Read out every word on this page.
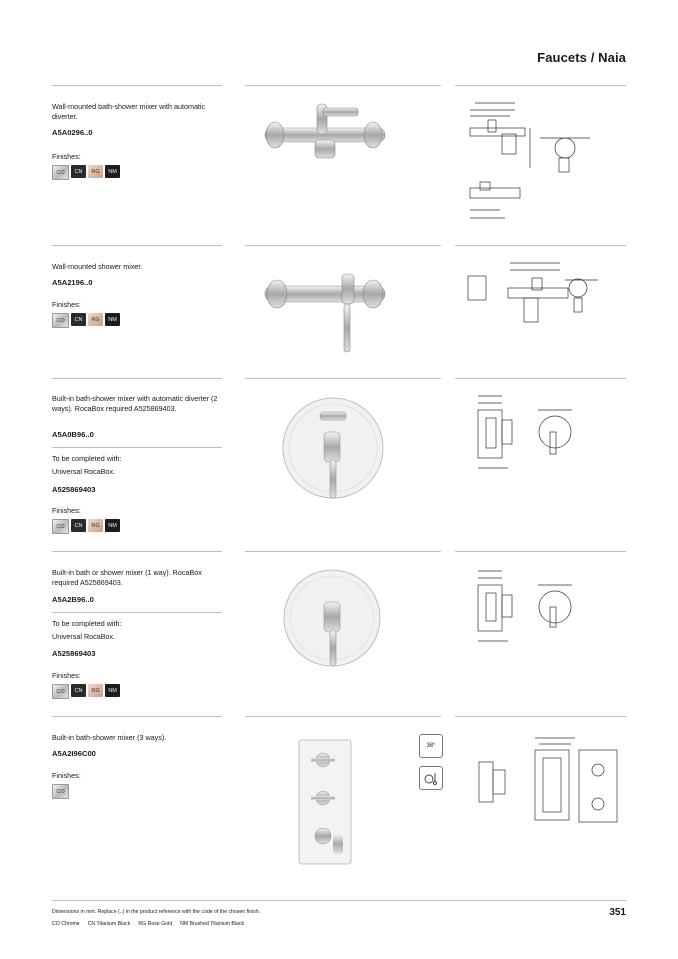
Faucets / Naia
Wall-mounted bath-shower mixer with automatic diverter.
A5A0296..0
Finishes:
CO	CN	RG	NM
Wall-mounted shower mixer.
A5A2196..0
Finishes:
CO	CN	RG	NM
Built-in bath-shower mixer with automatic diverter (2 ways). RocaBox required A525869403.
A5A0B96..0
To be completed with:
Universal RocaBox.
A525869403
Finishes:
CO	CN	RG	NM
Built-in bath or shower mixer (1 way). RocaBox required A525869403.
A5A2B96..0
To be completed with:
Universal RocaBox.
A525869403
Finishes:
CO	CN	RG	NM
Built-in bath-shower mixer (3 ways).
A5A2I96C00
Finishes:
CO
38°
Dimensions in mm. Replace (..) in the product reference with the code of the chosen finish.
CO Chrome CN Titanium Black RG Rose Gold NM Brushed Titanium Black
351
